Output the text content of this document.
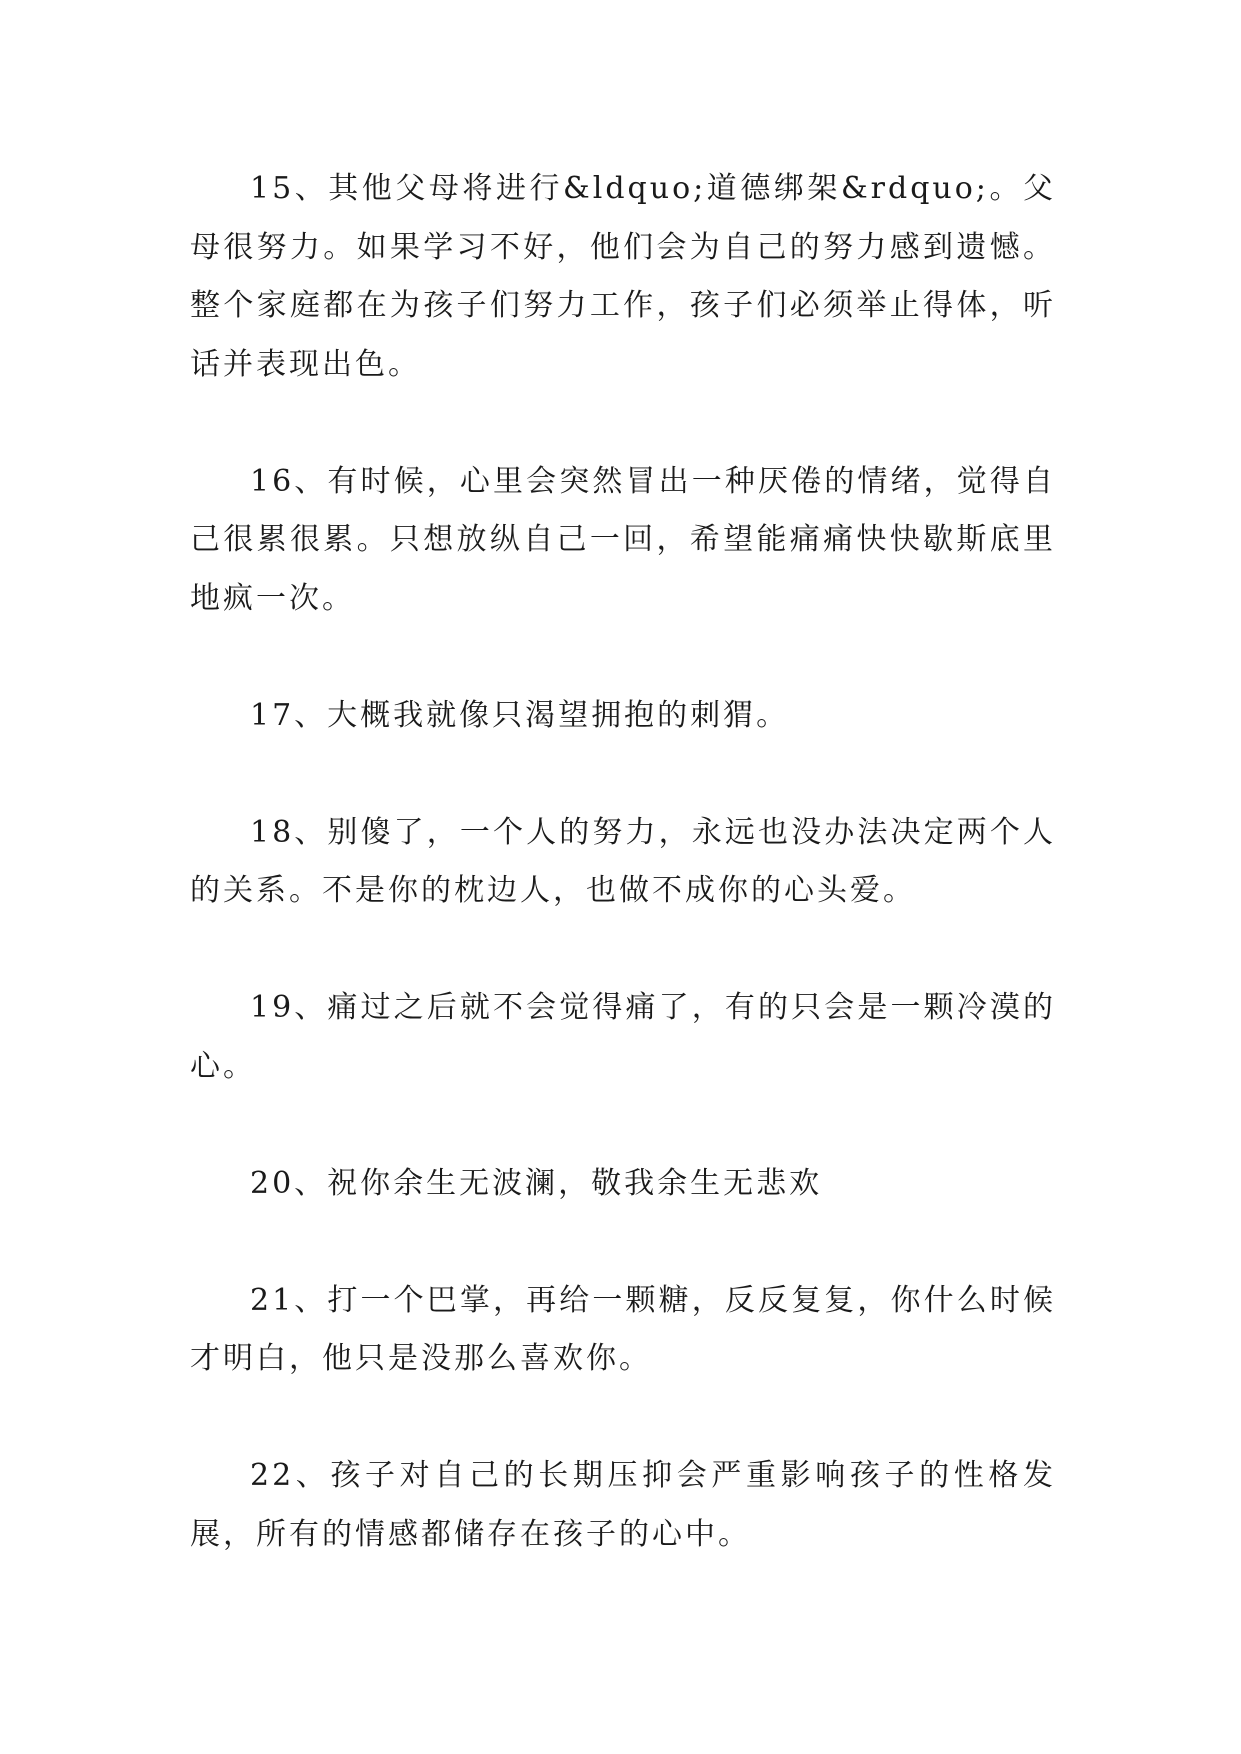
15、其他父母将进行&ldquo;道德绑架&rdquo;。父母很努力。如果学习不好，他们会为自己的努力感到遗憾。整个家庭都在为孩子们努力工作，孩子们必须举止得体，听话并表现出色。

16、有时候，心里会突然冒出一种厌倦的情绪，觉得自己很累很累。只想放纵自己一回，希望能痛痛快快歇斯底里地疯一次。

17、大概我就像只渴望拥抱的刺猬。

18、别傻了，一个人的努力，永远也没办法决定两个人的关系。不是你的枕边人，也做不成你的心头爱。

19、痛过之后就不会觉得痛了，有的只会是一颗冷漠的心。

20、祝你余生无波澜，敬我余生无悲欢

21、打一个巴掌，再给一颗糖，反反复复，你什么时候才明白，他只是没那么喜欢你。

22、孩子对自己的长期压抑会严重影响孩子的性格发展，所有的情感都储存在孩子的心中。
